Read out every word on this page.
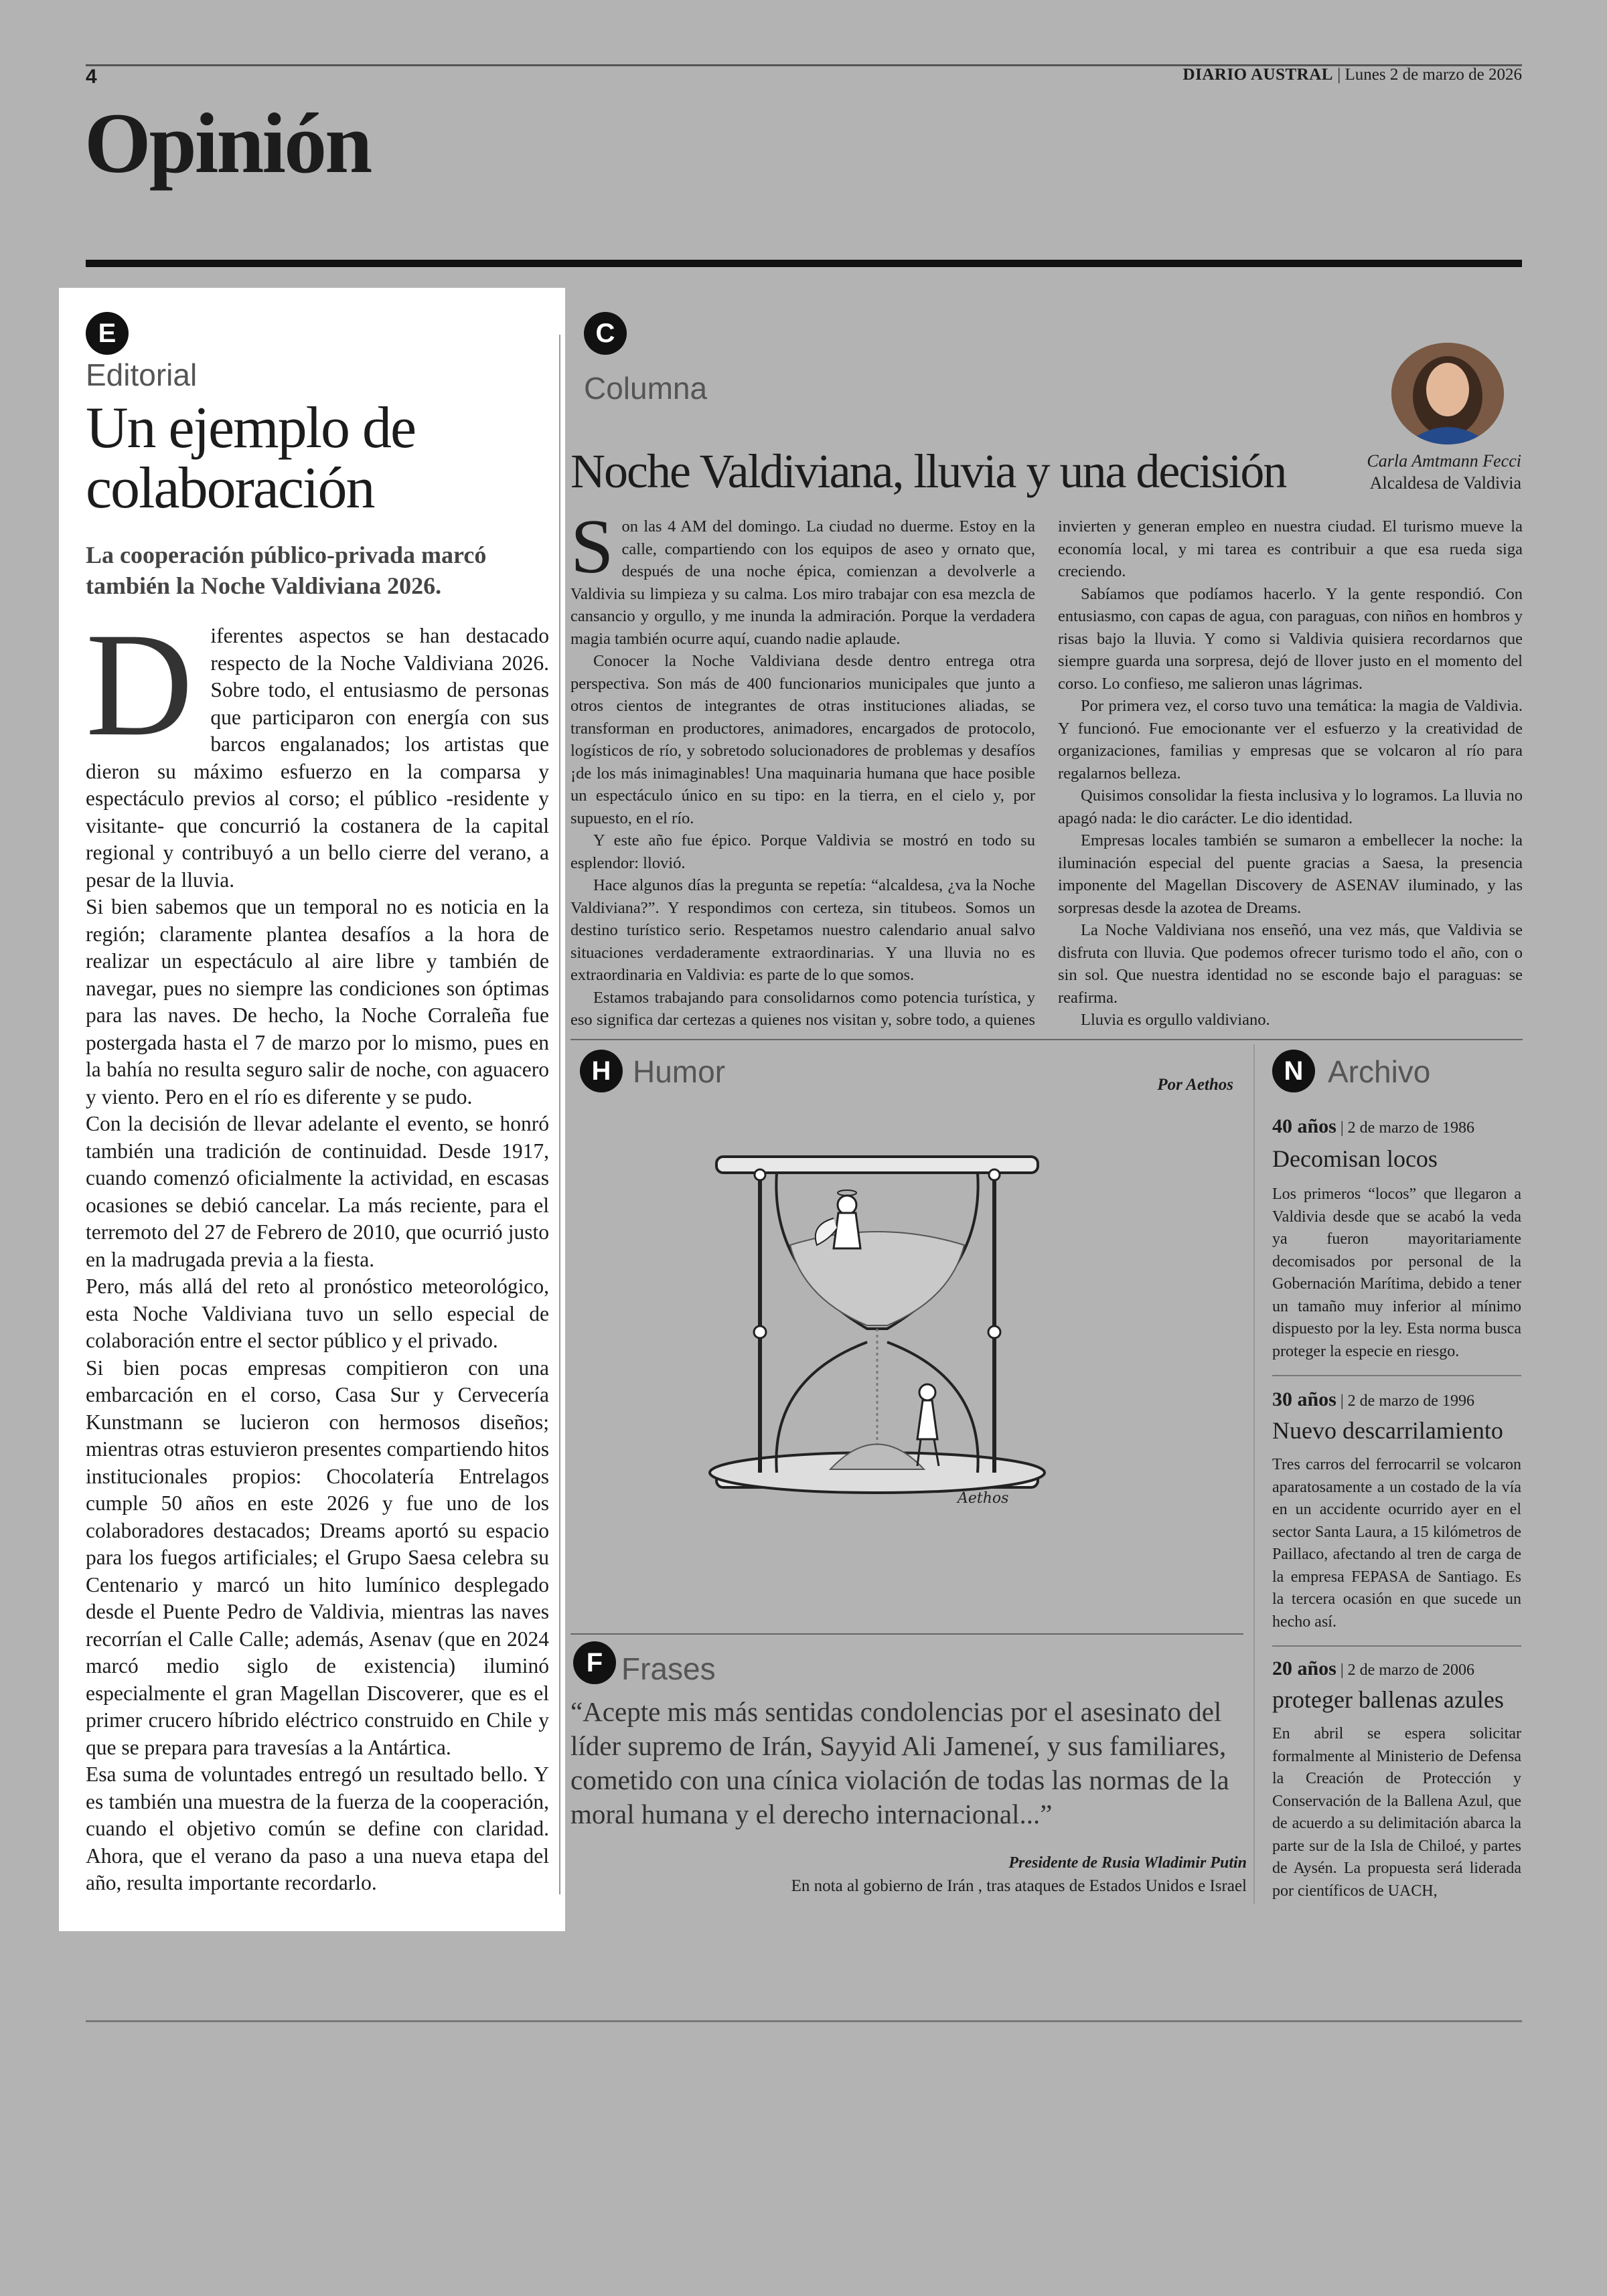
4	DIARIO AUSTRAL | Lunes 2 de marzo de 2026
Opinión
E
Editorial
Un ejemplo de colaboración
La cooperación público-privada marcó también la Noche Valdiviana 2026.

Diferentes aspectos se han destacado respecto de la Noche Valdiviana 2026. Sobre todo, el entusiasmo de personas que participaron con energía con sus barcos engalanados; los artistas que dieron su máximo esfuerzo en la comparsa y espectáculo previos al corso; el público -residente y visitante- que concurrió la costanera de la capital regional y contribuyó a un bello cierre del verano, a pesar de la lluvia.

Si bien sabemos que un temporal no es noticia en la región; claramente plantea desafíos a la hora de realizar un espectáculo al aire libre y también de navegar, pues no siempre las condiciones son óptimas para las naves. De hecho, la Noche Corraleña fue postergada hasta el 7 de marzo por lo mismo, pues en la bahía no resulta seguro salir de noche, con aguacero y viento. Pero en el río es diferente y se pudo.

Con la decisión de llevar adelante el evento, se honró también una tradición de continuidad. Desde 1917, cuando comenzó oficialmente la actividad, en escasas ocasiones se debió cancelar. La más reciente, para el terremoto del 27 de Febrero de 2010, que ocurrió justo en la madrugada previa a la fiesta.

Pero, más allá del reto al pronóstico meteorológico, esta Noche Valdiviana tuvo un sello especial de colaboración entre el sector público y el privado.

Si bien pocas empresas compitieron con una embarcación en el corso, Casa Sur y Cervecería Kunstmann se lucieron con hermosos diseños; mientras otras estuvieron presentes compartiendo hitos institucionales propios: Chocolatería Entrelagos cumple 50 años en este 2026 y fue uno de los colaboradores destacados; Dreams aportó su espacio para los fuegos artificiales; el Grupo Saesa celebra su Centenario y marcó un hito lumínico desplegado desde el Puente Pedro de Valdivia, mientras las naves recorrían el Calle Calle; además, Asenav (que en 2024 marcó medio siglo de existencia) iluminó especialmente el gran Magellan Discoverer, que es el primer crucero híbrido eléctrico construido en Chile y que se prepara para travesías a la Antártica.

Esa suma de voluntades entregó un resultado bello. Y es también una muestra de la fuerza de la cooperación, cuando el objetivo común se define con claridad. Ahora, que el verano da paso a una nueva etapa del año, resulta importante recordarlo.

C
Columna
Carla Amtmann Fecci
Alcaldesa de Valdivia
Noche Valdiviana, lluvia y una decisión

Son las 4 AM del domingo. La ciudad no duerme. Estoy en la calle, compartiendo con los equipos de aseo y ornato que, después de una noche épica, comienzan a devolverle a Valdivia su limpieza y su calma. Los miro trabajar con esa mezcla de cansancio y orgullo, y me inunda la admiración. Porque la verdadera magia también ocurre aquí, cuando nadie aplaude.

Conocer la Noche Valdiviana desde dentro entrega otra perspectiva. Son más de 400 funcionarios municipales que junto a otros cientos de integrantes de otras instituciones aliadas, se transforman en productores, animadores, encargados de protocolo, logísticos de río, y sobretodo solucionadores de problemas y desafíos ¡de los más inimaginables! Una maquinaria humana que hace posible un espectáculo único en su tipo: en la tierra, en el cielo y, por supuesto, en el río.

Y este año fue épico. Porque Valdivia se mostró en todo su esplendor: llovió.

Hace algunos días la pregunta se repetía: “alcaldesa, ¿va la Noche Valdiviana?”. Y respondimos con certeza, sin titubeos. Somos un destino turístico serio. Respetamos nuestro calendario anual salvo situaciones verdaderamente extraordinarias. Y una lluvia no es extraordinaria en Valdivia: es parte de lo que somos.

Estamos trabajando para consolidarnos como potencia turística, y eso significa dar certezas a quienes nos visitan y, sobre todo, a quienes invierten y generan empleo en nuestra ciudad. El turismo mueve la economía local, y mi tarea es contribuir a que esa rueda siga creciendo.

Sabíamos que podíamos hacerlo. Y la gente respondió. Con entusiasmo, con capas de agua, con paraguas, con niños en hombros y risas bajo la lluvia. Y como si Valdivia quisiera recordarnos que siempre guarda una sorpresa, dejó de llover justo en el momento del corso. Lo confieso, me salieron unas lágrimas.

Por primera vez, el corso tuvo una temática: la magia de Valdivia. Y funcionó. Fue emocionante ver el esfuerzo y la creatividad de organizaciones, familias y empresas que se volcaron al río para regalarnos belleza.

Quisimos consolidar la fiesta inclusiva y lo logramos. La lluvia no apagó nada: le dio carácter. Le dio identidad.

Empresas locales también se sumaron a embellecer la noche: la iluminación especial del puente gracias a Saesa, la presencia imponente del Magellan Discovery de ASENAV iluminado, y las sorpresas desde la azotea de Dreams.

La Noche Valdiviana nos enseñó, una vez más, que Valdivia se disfruta con lluvia. Que podemos ofrecer turismo todo el año, con o sin sol. Que nuestra identidad no se esconde bajo el paraguas: se reafirma.

Lluvia es orgullo valdiviano.

H Humor	Por Aethos
Aethos
F Frases
“Acepte mis más sentidas condolencias por el asesinato del líder supremo de Irán, Sayyid Ali Jameneí, y sus familiares, cometido con una cínica violación de todas las normas de la moral humana y el derecho internacional...”
Presidente de Rusia Wladimir Putin
En nota al gobierno de Irán , tras ataques de Estados Unidos e Israel
N Archivo
40 años | 2 de marzo de 1986
Decomisan locos
Los primeros “locos” que llegaron a Valdivia desde que se acabó la veda ya fueron mayoritariamente decomisados por personal de la Gobernación Marítima, debido a tener un tamaño muy inferior al mínimo dispuesto por la ley. Esta norma busca proteger la especie en riesgo.
30 años | 2 de marzo de 1996
Nuevo descarrilamiento
Tres carros del ferrocarril se volcaron aparatosamente a un costado de la vía en un accidente ocurrido ayer en el sector Santa Laura, a 15 kilómetros de Paillaco, afectando al tren de carga de la empresa FEPASA de Santiago. Es la tercera ocasión en que sucede un hecho así.
20 años | 2 de marzo de 2006
proteger ballenas azules
En abril se espera solicitar formalmente al Ministerio de Defensa la Creación de Protección y Conservación de la Ballena Azul, que de acuerdo a su delimitación abarca la parte sur de la Isla de Chiloé, y partes de Aysén. La propuesta será liderada por científicos de UACH,
